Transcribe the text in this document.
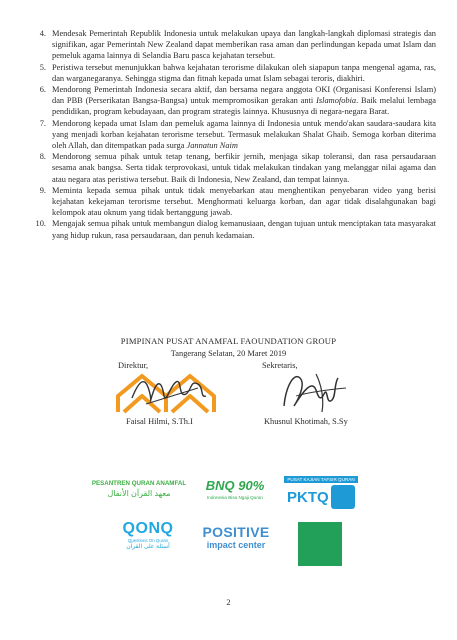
4. Mendesak Pemerintah Republik Indonesia untuk melakukan upaya dan langkah-langkah diplomasi strategis dan signifikan, agar Pemerintah New Zealand dapat memberikan rasa aman dan perlindungan kepada umat Islam dan pemeluk agama lainnya di Selandia Baru pasca kejahatan tersebut.
5. Peristiwa tersebut menunjukkan bahwa kejahatan terorisme dilakukan oleh siapapun tanpa mengenal agama, ras, dan warganegaranya. Sehingga stigma dan fitnah kepada umat Islam sebagai teroris, diakhiri.
6. Mendorong Pemerintah Indonesia secara aktif, dan bersama negara anggota OKI (Organisasi Konferensi Islam) dan PBB (Perserikatan Bangsa-Bangsa) untuk mempromosikan gerakan anti Islamofobia. Baik melalui lembaga pendidikan, program kebudayaan, dan program strategis lainnya. Khususnya di negara-negara Barat.
7. Mendorong kepada umat Islam dan pemeluk agama lainnya di Indonesia untuk mendo'akan saudara-saudara kita yang menjadi korban kejahatan terorisme tersebut. Termasuk melakukan Shalat Ghaib. Semoga korban diterima oleh Allah, dan ditempatkan pada surga Jannatun Naim
8. Mendorong semua pihak untuk tetap tenang, berfikir jernih, menjaga sikap toleransi, dan rasa persaudaraan sesama anak bangsa. Serta tidak terprovokasi, untuk tidak melakukan tindakan yang melanggar nilai agama dan atau negara atas peristiwa tersebut. Baik di Indonesia, New Zealand, dan tempat lainnya.
9. Meminta kepada semua pihak untuk tidak menyebarkan atau menghentikan penyebaran video yang berisi kejahatan kekejaman terorisme tersebut. Menghormati keluarga korban, dan agar tidak disalahgunakan bagi kelompok atau oknum yang tidak bertanggung jawab.
10. Mengajak semua pihak untuk membangun dialog kemanusiaan, dengan tujuan untuk menciptakan tata masyarakat yang hidup rukun, rasa persaudaraan, dan penuh kedamaian.
PIMPINAN PUSAT ANAMFAL FAOUNDATION GROUP
Tangerang Selatan, 20 Maret 2019
Direktur,	Sekretaris,
Faisal Hilmi, S.Th.I	Khusnul Khotimah, S.Sy
PESANTREN QURAN ANAMFAL
معهد القرآن الأنفال
BNQ 90%
Indonesia Bisa Ngaji Quran
PUSAT KAJIAN TAFSIR QURAN
PKTQ
QONQ
Questions On Quran
أسئلة على القرآن
POSITIVE
impact center
2
